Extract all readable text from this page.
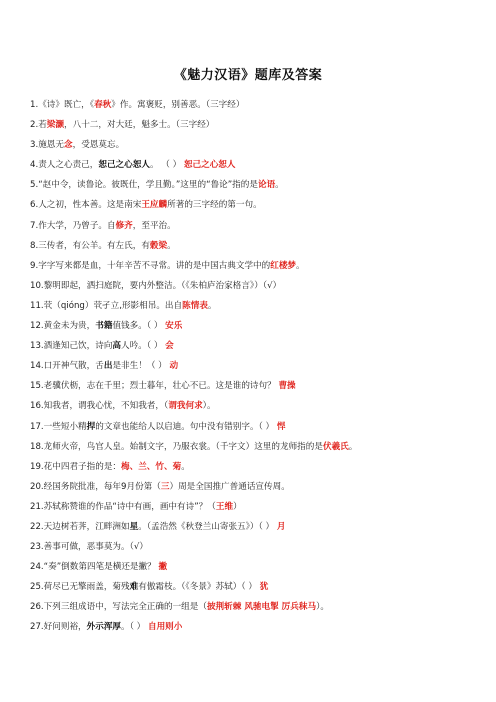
《魅力汉语》题库及答案
1.《诗》既亡，《春秋》作。寓褒贬，别善恶。（三字经）
2.若梁灏，八十二，对大廷，魁多士。（三字经）
3.施恩无念，受恩莫忘。
4.责人之心责己，恕己之心恕人。 （ ） 恕己之心恕人
5.“赵中令，读鲁论。彼既仕，学且勤。”这里的“鲁论”指的是论语。
6.人之初，性本善。这是南宋王应麟所著的三字经的第一句。
7.作大学，乃曾子。自修齐，至平治。
8.三传者，有公羊。有左氏，有穀梁。
9.字字写来都是血，十年辛苦不寻常。讲的是中国古典文学中的红楼梦。
10.黎明即起，洒扫庭院，要内外整洁。（《朱柏庐治家格言》）（√）
11.茕（qióng）茕孑立,形影相吊。出自陈情表。
12.黄金未为贵，书籍值钱多。（ ） 安乐
13.酒逢知己饮，诗向高人吟。（ ） 会
14.口开神气散，舌出是非生！（ ） 动
15.老骥伏枥，志在千里；烈士暮年，壮心不已。这是谁的诗句？ 曹操
16.知我者，谓我心忧，不知我者，（谓我何求）。
17.一些短小精捍的文章也能给人以启迪。句中没有错别字。（ ） 悍
18.龙师火帝，鸟官人皇。始制文字，乃服衣裳。（千字文）这里的龙师指的是伏羲氏。
19.花中四君子指的是：梅、兰、竹、菊。
20.经国务院批准，每年9月份第（三）周是全国推广普通话宣传周。
21.苏轼称赞谁的作品“诗中有画，画中有诗”？（王维）
22.天边树若荠，江畔洲如星。（孟浩然《秋登兰山寄张五》）（ ） 月
23.善事可做，恶事莫为。（√）
24.“奏”倒数第四笔是横还是撇？ 撇
25.荷尽已无擎雨盖，菊残难有傲霜枝。（《冬景》苏轼）（ ） 犹
26.下列三组成语中，写法完全正确的一组是（披荆斩棘 风驰电掣 厉兵秣马）。
27.好问则裕，外示浑厚。（ ） 自用则小
